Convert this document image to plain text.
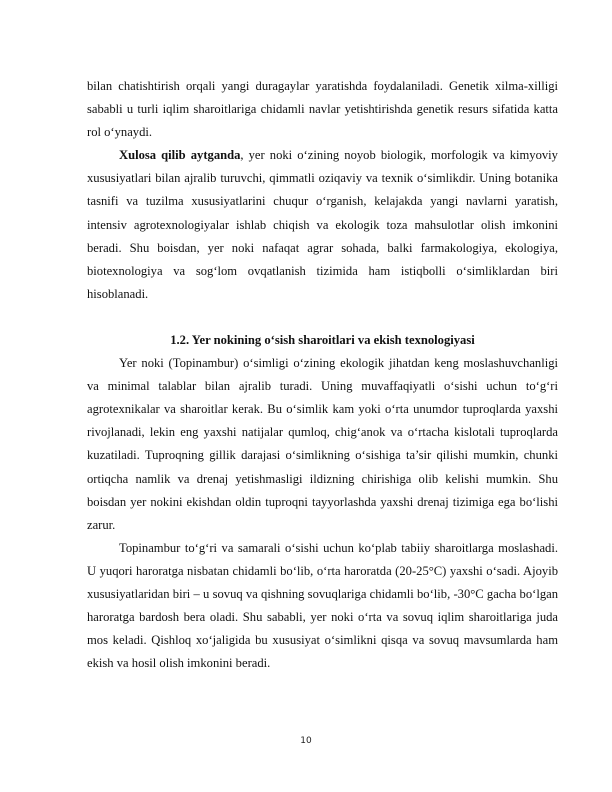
bilan chatishtirish orqali yangi duragaylar yaratishda foydalaniladi. Genetik xilma-xilligi sababli u turli iqlim sharoitlariga chidamli navlar yetishtirishda genetik resurs sifatida katta rol o‘ynaydi.

Xulosa qilib aytganda, yer noki o‘zining noyob biologik, morfologik va kimyoviy xususiyatlari bilan ajralib turuvchi, qimmatli oziqaviy va texnik o‘simlikdir. Uning botanika tasnifi va tuzilma xususiyatlarini chuqur o‘rganish, kelajakda yangi navlarni yaratish, intensiv agrotexnologiyalar ishlab chiqish va ekologik toza mahsulotlar olish imkonini beradi. Shu boisdan, yer noki nafaqat agrar sohada, balki farmakologiya, ekologiya, biotexnologiya va sog‘lom ovqatlanish tizimida ham istiqbolli o‘simliklardan biri hisoblanadi.

1.2. Yer nokining o‘sish sharoitlari va ekish texnologiyasi

Yer noki (Topinambur) o‘simligi o‘zining ekologik jihatdan keng moslashuvchanligi va minimal talablar bilan ajralib turadi. Uning muvaffaqiyatli o‘sishi uchun to‘g‘ri agrotexnikalar va sharoitlar kerak. Bu o‘simlik kam yoki o‘rta unumdor tuproqlarda yaxshi rivojlanadi, lekin eng yaxshi natijalar qumloq, chig‘anok va o‘rtacha kislotali tuproqlarda kuzatiladi. Tuproqning gillik darajasi o‘simlikning o‘sishiga ta’sir qilishi mumkin, chunki ortiqcha namlik va drenaj yetishmasligi ildizning chirishiga olib kelishi mumkin. Shu boisdan yer nokini ekishdan oldin tuproqni tayyorlashda yaxshi drenaj tizimiga ega bo‘lishi zarur.

Topinambur to‘g‘ri va samarali o‘sishi uchun ko‘plab tabiiy sharoitlarga moslashadi. U yuqori haroratga nisbatan chidamli bo‘lib, o‘rta haroratda (20-25°C) yaxshi o‘sadi. Ajoyib xususiyatlaridan biri – u sovuq va qishning sovuqlariga chidamli bo‘lib, -30°C gacha bo‘lgan haroratga bardosh bera oladi. Shu sababli, yer noki o‘rta va sovuq iqlim sharoitlariga juda mos keladi. Qishloq xo‘jaligida bu xususiyat o‘simlikni qisqa va sovuq mavsumlarda ham ekish va hosil olish imkonini beradi.

10
